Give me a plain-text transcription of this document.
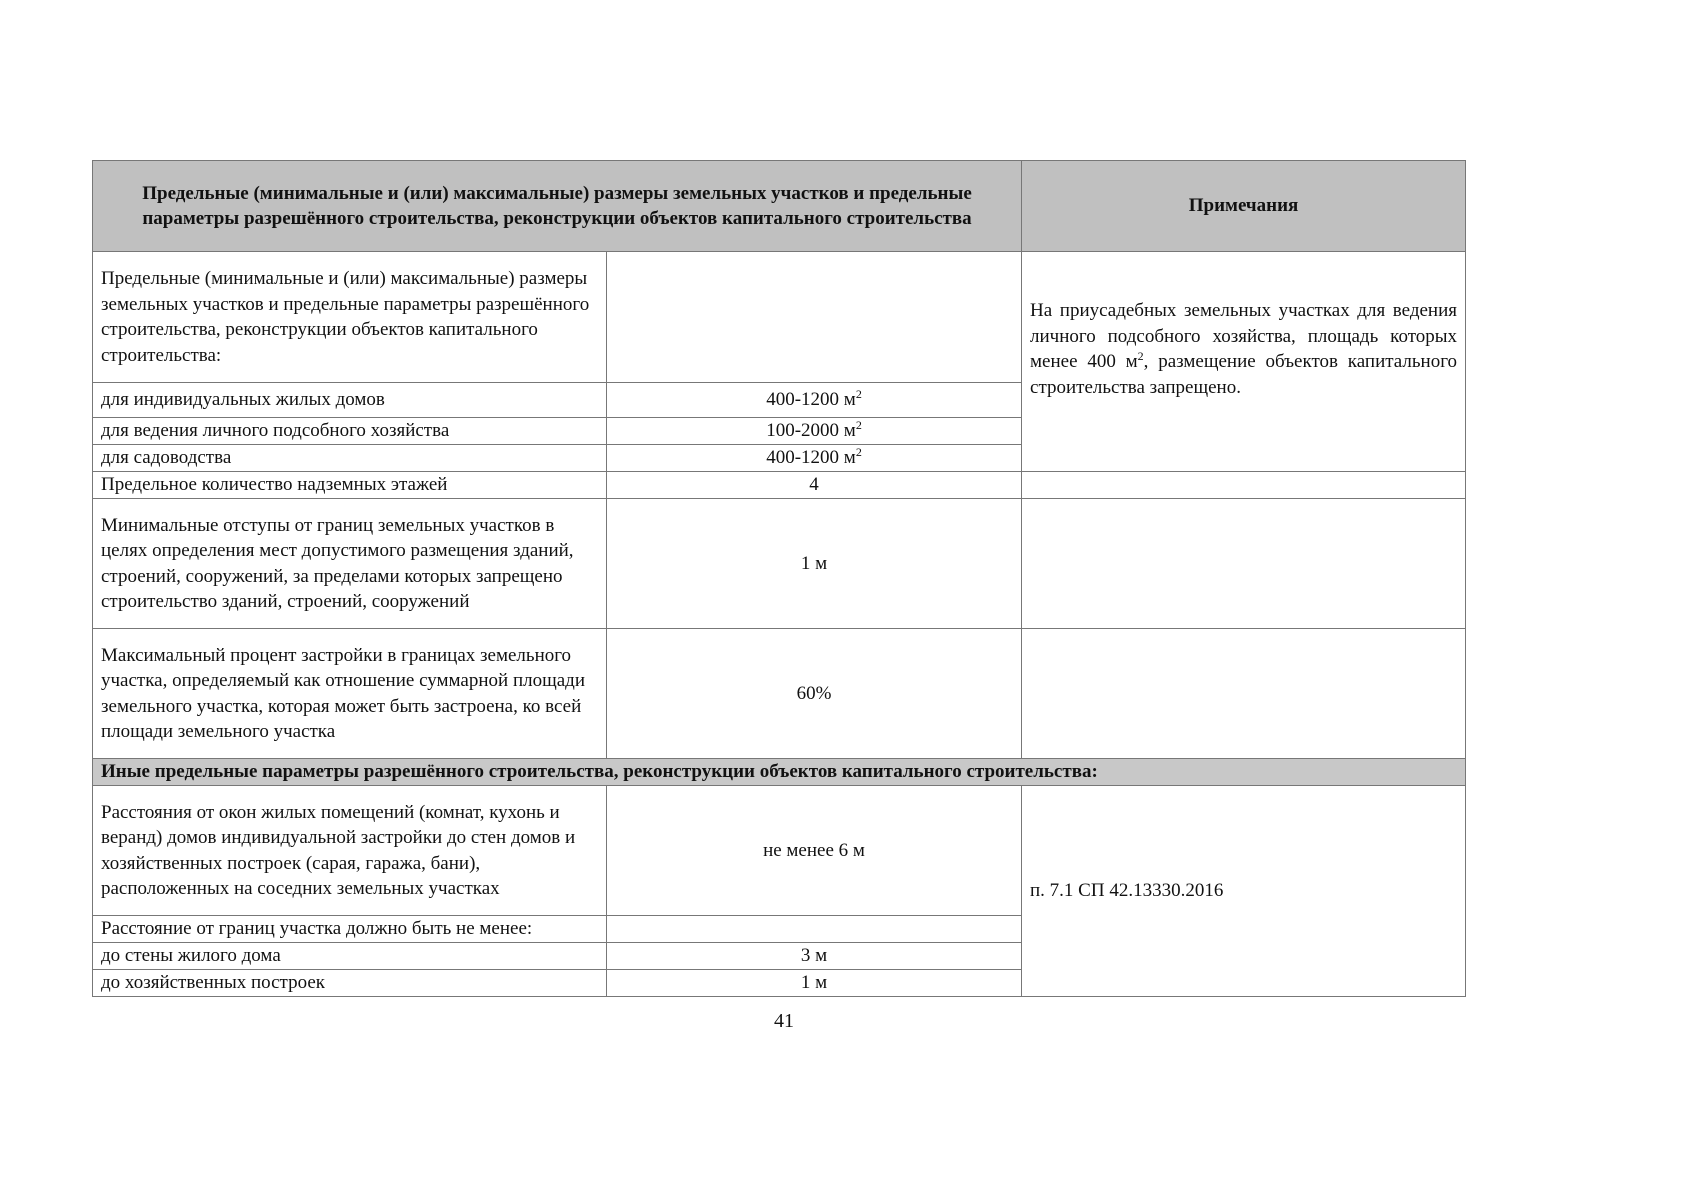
Предельные (минимальные и (или) максимальные) размеры земельных участков и предельные параметры разрешённого строительства, реконструкции объектов капитального строительства		Примечания
Предельные (минимальные и (или) максимальные) размеры земельных участков и предельные параметры разрешённого строительства, реконструкции объектов капитального строительства:		На приусадебных земельных участках для ведения личного подсобного хозяйства, площадь которых менее 400 $м^2$, размещение объектов капитального строительства запрещено.
для индивидуальных жилых домов	400-1200 $м^2$
для ведения личного подсобного хозяйства	100-2000 $м^2$
для садоводства	400-1200 $м^2$
Предельное количество надземных этажей	4	
Минимальные отступы от границ земельных участков в целях определения мест допустимого размещения зданий, строений, сооружений, за пределами которых запрещено строительство зданий, строений, сооружений	1 м	
Максимальный процент застройки в границах земельного участка, определяемый как отношение суммарной площади земельного участка, которая может быть застроена, ко всей площади земельного участка	60%	
Иные предельные параметры разрешённого строительства, реконструкции объектов капитального строительства:		
Расстояния от окон жилых помещений (комнат, кухонь и веранд) домов индивидуальной застройки до стен домов и хозяйственных построек (сарая, гаража, бани), расположенных на соседних земельных участках	не менее 6 м	п. 7.1 СП 42.13330.2016
Расстояние от границ участка должно быть не менее:		
до стены жилого дома	3 м	
до хозяйственных построек	1 м	
41
